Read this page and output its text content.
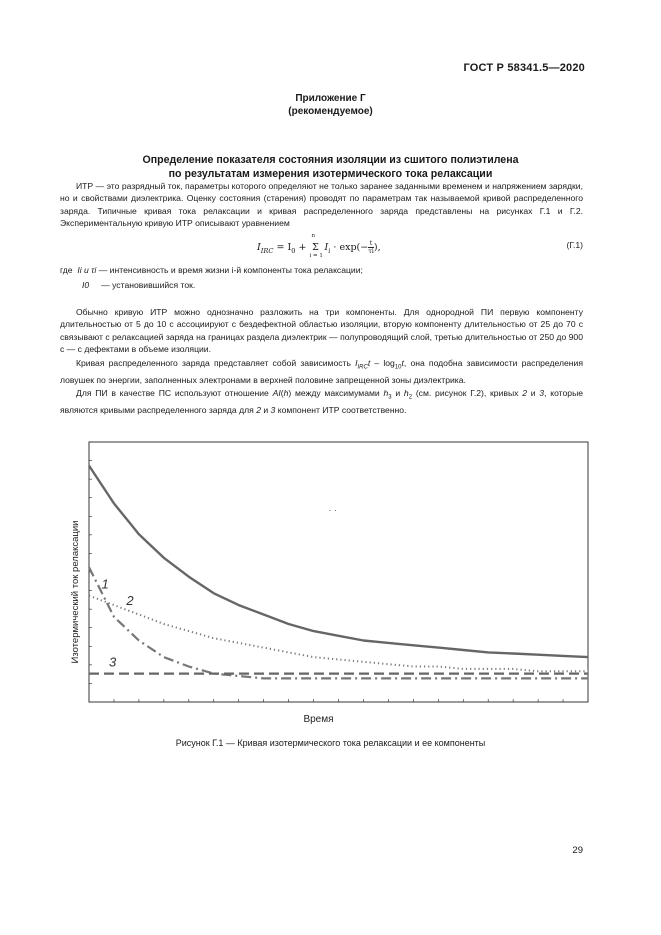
ГОСТ Р 58341.5—2020
Приложение Г
(рекомендуемое)
Определение показателя состояния изоляции из сшитого полиэтилена
по результатам измерения изотермического тока релаксации

ИТР — это разрядный ток, параметры которого определяют не только заранее заданными временем и напряжением зарядки, но и свойствами диэлектрика. Оценку состояния (старения) проводят по параметрам так называемой кривой распределенного заряда. Типичные кривая тока релаксации и кривая распределенного заряда представлены на рисунках Г.1 и Г.2. Экспериментальную кривую ИТР описывают уравнением

$I_{IRC} = I_0$ +
n
Σ
i = 1
$I_i \cdot \exp(- \frac{t}{\tau i}$ ),	(Г.1)
где Ii и τi — интенсивность и время жизни i-й компоненты тока релаксации;
I0     — установившийся ток.

Обычно кривую ИТР можно однозначно разложить на три компоненты. Для однородной ПИ первую компоненту длительностью от 5 до 10 с ассоциируют с бездефектной областью изоляции, вторую компоненту длительностью от 25 до 70 с связывают с релаксацией заряда на границах раздела диэлектрик — полупроводящий слой, третью длительностью от 250 до 900 с — с дефектами в объеме изоляции.

Кривая распределенного заряда представляет собой зависимость $I_{IRC}t - \log_{10}t$, она подобна зависимости распределения ловушек по энергии, заполненных электронами в верхней половине запрещенной зоны диэлектрика.

Для ПИ в качестве ПС используют отношение AI(h) между максимумами $h_3$ и $h_2$ (см. рисунок Г.2), кривых 2 и 3, которые являются кривыми распределенного заряда для 2 и 3 компонент ИТР соответственно.

1
2
3
· ·
Время
Изотермический ток релаксации
Рисунок Г.1 — Кривая изотермического тока релаксации и ее компоненты
29
